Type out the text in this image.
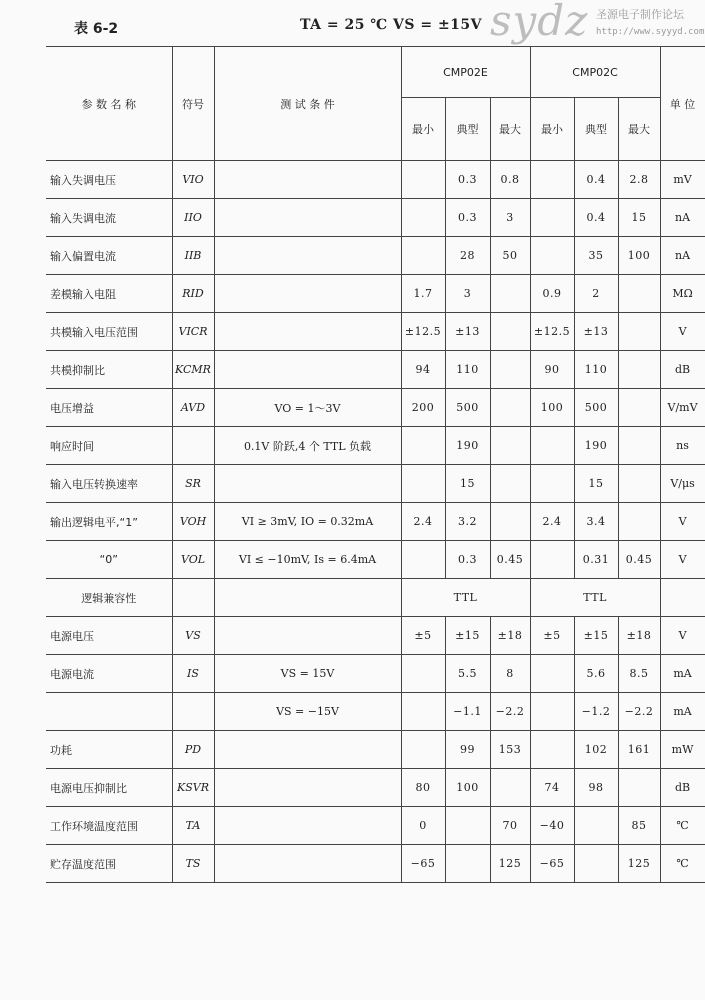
表 6-2	TA = 25 ℃ VS = ±15V sydz 圣源电子制作论坛
http://www.syyyd.com
参 数 名 称	符号	测 试 条 件	CMP02E			CMP02C			单 位
			最小	典型	最大	最小	典型	最大	
输入失调电压	VIO			0.3	0.8		0.4	2.8	mV
输入失调电流	IIO			0.3	3		0.4	15	nA
输入偏置电流	IIB			28	50		35	100	nA
差模输入电阻	RID		1.7	3		0.9	2		MΩ
共模输入电压范围	VICR		±12.5	±13		±12.5	±13		V
共模抑制比	KCMR		94	110		90	110		dB
电压增益	AVD	VO = 1～3V	200	500		100	500		V/mV
响应时间		0.1V 阶跃,4 个 TTL 负载		190			190		ns
输入电压转换速率	SR			15			15		V/μs
输出逻辑电平,“1”	VOH	VI ≥ 3mV, IO = 0.32mA	2.4	3.2		2.4	3.4		V
“0”	VOL	VI ≤ −10mV, Is = 6.4mA		0.3	0.45		0.31	0.45	V
逻辑兼容性			TTL			TTL			
电源电压	VS		±5	±15	±18	±5	±15	±18	V
电源电流	IS	VS = 15V		5.5	8		5.6	8.5	mA
		VS = −15V		−1.1	−2.2		−1.2	−2.2	mA
功耗	PD			99	153		102	161	mW
电源电压抑制比	KSVR		80	100		74	98		dB
工作环境温度范围	TA		0		70	−40		85	℃
贮存温度范围	TS		−65		125	−65		125	℃
